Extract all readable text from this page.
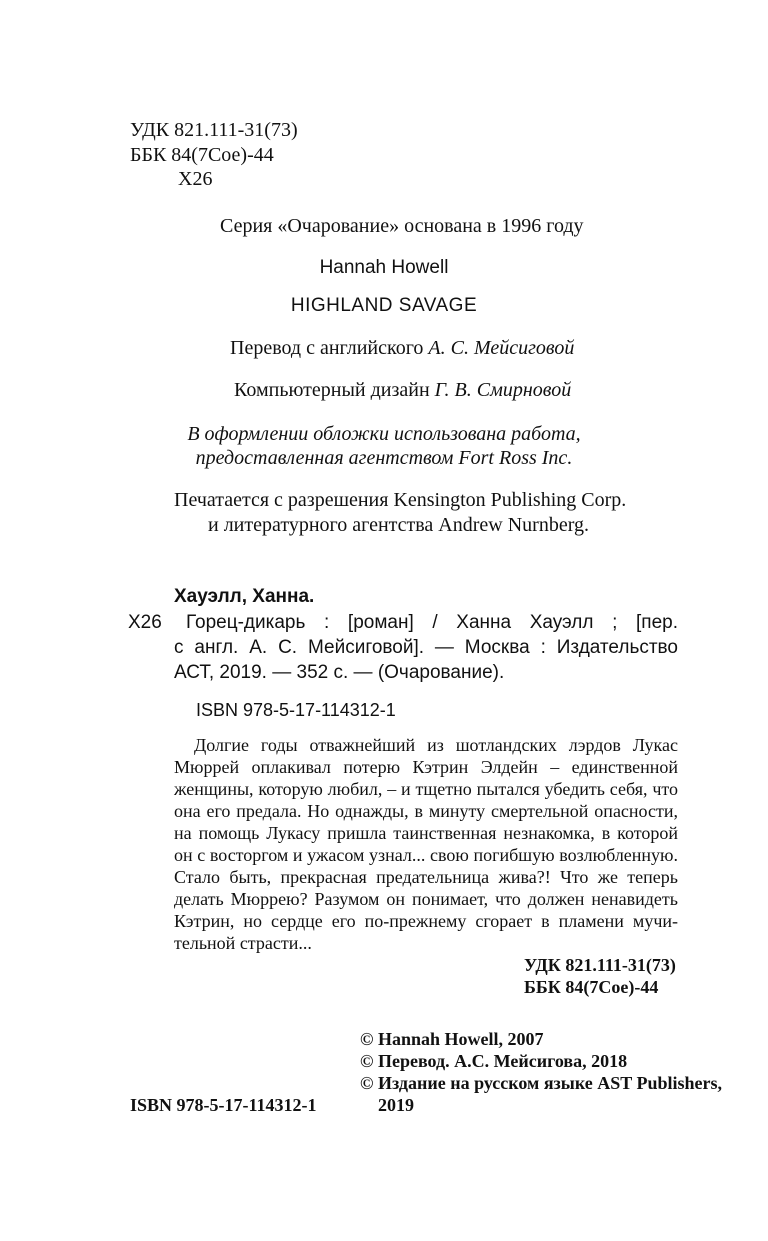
УДК 821.111-31(73)
ББК 84(7Сое)-44
Х26
Серия «Очарование» основана в 1996 году
Hannah Howell
HIGHLAND SAVAGE
Перевод с английского А. С. Мейсиговой
Компьютерный дизайн Г. В. Смирновой
В оформлении обложки использована работа,
предоставленная агентством Fort Ross Inc.
Печатается с разрешения Kensington Publishing Corp.
и литературного агентства Andrew Nurnberg.
Хауэлл, Ханна.
Х26 Горец-дикарь : [роман] / Ханна Хауэлл ; [пер.
с англ. А. С. Мейсиговой]. — Москва : Издательство
АСТ, 2019. — 352 с. — (Очарование).
ISBN 978-5-17-114312-1
Долгие годы отважнейший из шотландских лэрдов Лукас
Мюррей оплакивал потерю Кэтрин Элдейн – единственной
женщины, которую любил, – и тщетно пытался убедить себя, что
она его предала. Но однажды, в минуту смертельной опасности,
на помощь Лукасу пришла таинственная незнакомка, в которой
он с восторгом и ужасом узнал... свою погибшую возлюбленную.
Стало быть, прекрасная предательница жива?! Что же теперь
делать Мюррею? Разумом он понимает, что должен ненавидеть
Кэтрин, но сердце его по-прежнему сгорает в пламени мучи-
тельной страсти...
УДК 821.111-31(73)
ББК 84(7Сое)-44
© Hannah Howell, 2007
© Перевод. А.С. Мейсигова, 2018
© Издание на русском языке AST Publishers,
2019
ISBN 978-5-17-114312-1
